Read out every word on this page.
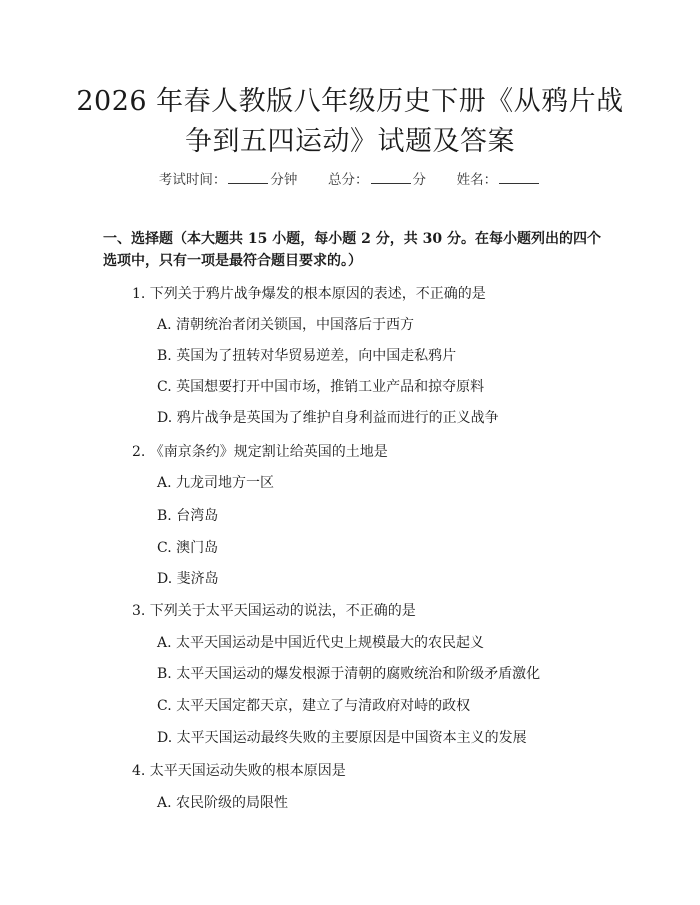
2026 年春人教版八年级历史下册《从鸦片战
争到五四运动》试题及答案
考试时间：	分钟 总分：	分 姓名：
一、选择题（本大题共 15 小题，每小题 2 分，共 30 分。在每小题列出的四个选项中，只有一项是最符合题目要求的。）
1. 下列关于鸦片战争爆发的根本原因的表述，不正确的是
A. 清朝统治者闭关锁国，中国落后于西方
B. 英国为了扭转对华贸易逆差，向中国走私鸦片
C. 英国想要打开中国市场，推销工业产品和掠夺原料
D. 鸦片战争是英国为了维护自身利益而进行的正义战争
2. 《南京条约》规定割让给英国的土地是
A. 九龙司地方一区
B. 台湾岛
C. 澳门岛
D. 斐济岛
3. 下列关于太平天国运动的说法，不正确的是
A. 太平天国运动是中国近代史上规模最大的农民起义
B. 太平天国运动的爆发根源于清朝的腐败统治和阶级矛盾激化
C. 太平天国定都天京，建立了与清政府对峙的政权
D. 太平天国运动最终失败的主要原因是中国资本主义的发展
4. 太平天国运动失败的根本原因是
A. 农民阶级的局限性
